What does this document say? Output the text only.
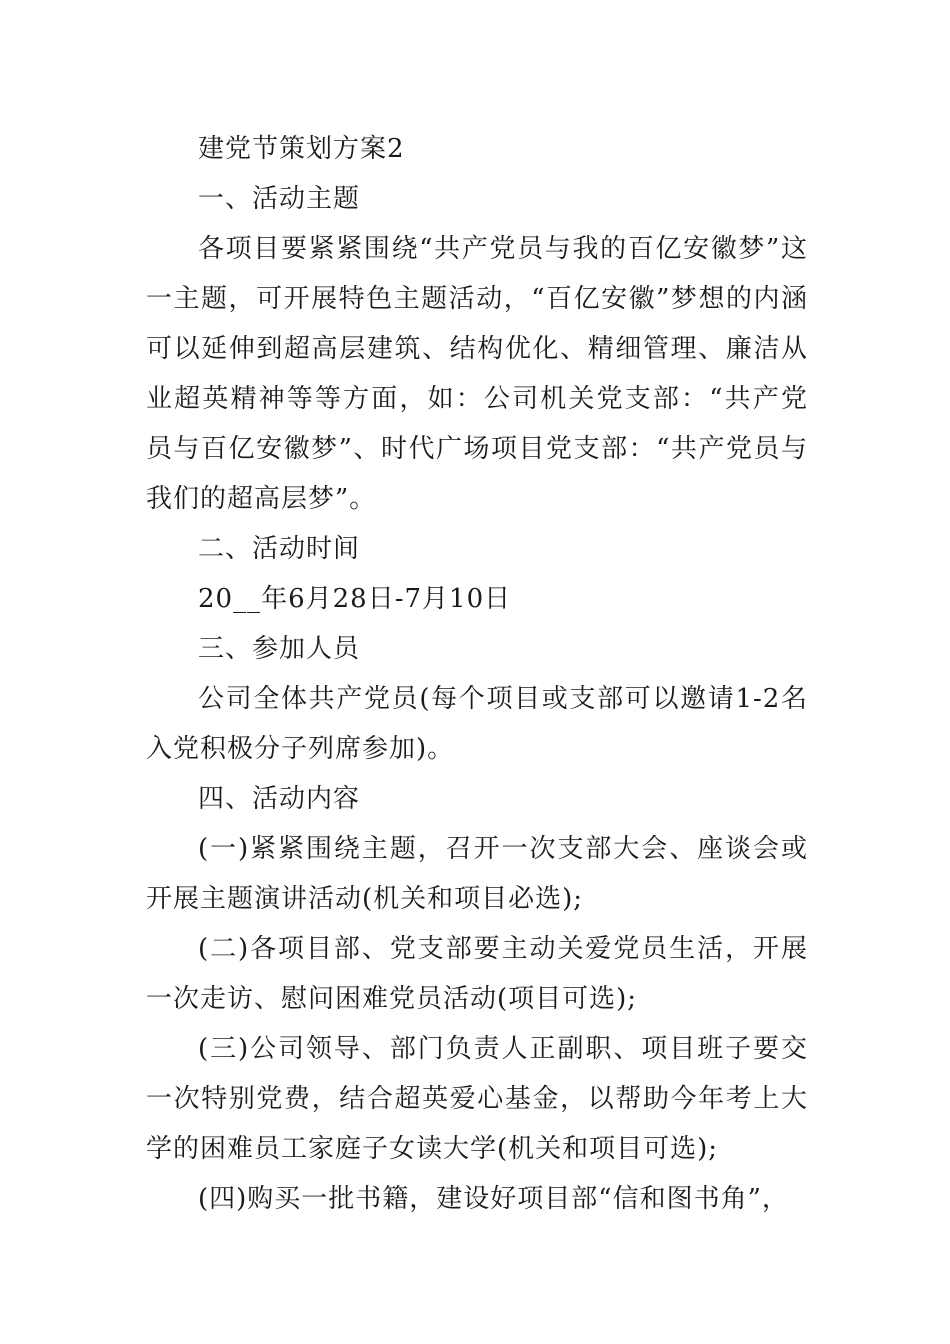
建党节策划方案2

一、活动主题

各项目要紧紧围绕“共产党员与我的百亿安徽梦”这一主题，可开展特色主题活动，“百亿安徽”梦想的内涵可以延伸到超高层建筑、结构优化、精细管理、廉洁从业超英精神等等方面，如：公司机关党支部：“共产党员与百亿安徽梦”、时代广场项目党支部：“共产党员与我们的超高层梦”。

二、活动时间

20__年6月28日-7月10日

三、参加人员

公司全体共产党员(每个项目或支部可以邀请1-2名入党积极分子列席参加)。

四、活动内容

(一)紧紧围绕主题，召开一次支部大会、座谈会或开展主题演讲活动(机关和项目必选);

(二)各项目部、党支部要主动关爱党员生活，开展一次走访、慰问困难党员活动(项目可选);

(三)公司领导、部门负责人正副职、项目班子要交一次特别党费，结合超英爱心基金，以帮助今年考上大学的困难员工家庭子女读大学(机关和项目可选);

(四)购买一批书籍，建设好项目部“信和图书角”，
